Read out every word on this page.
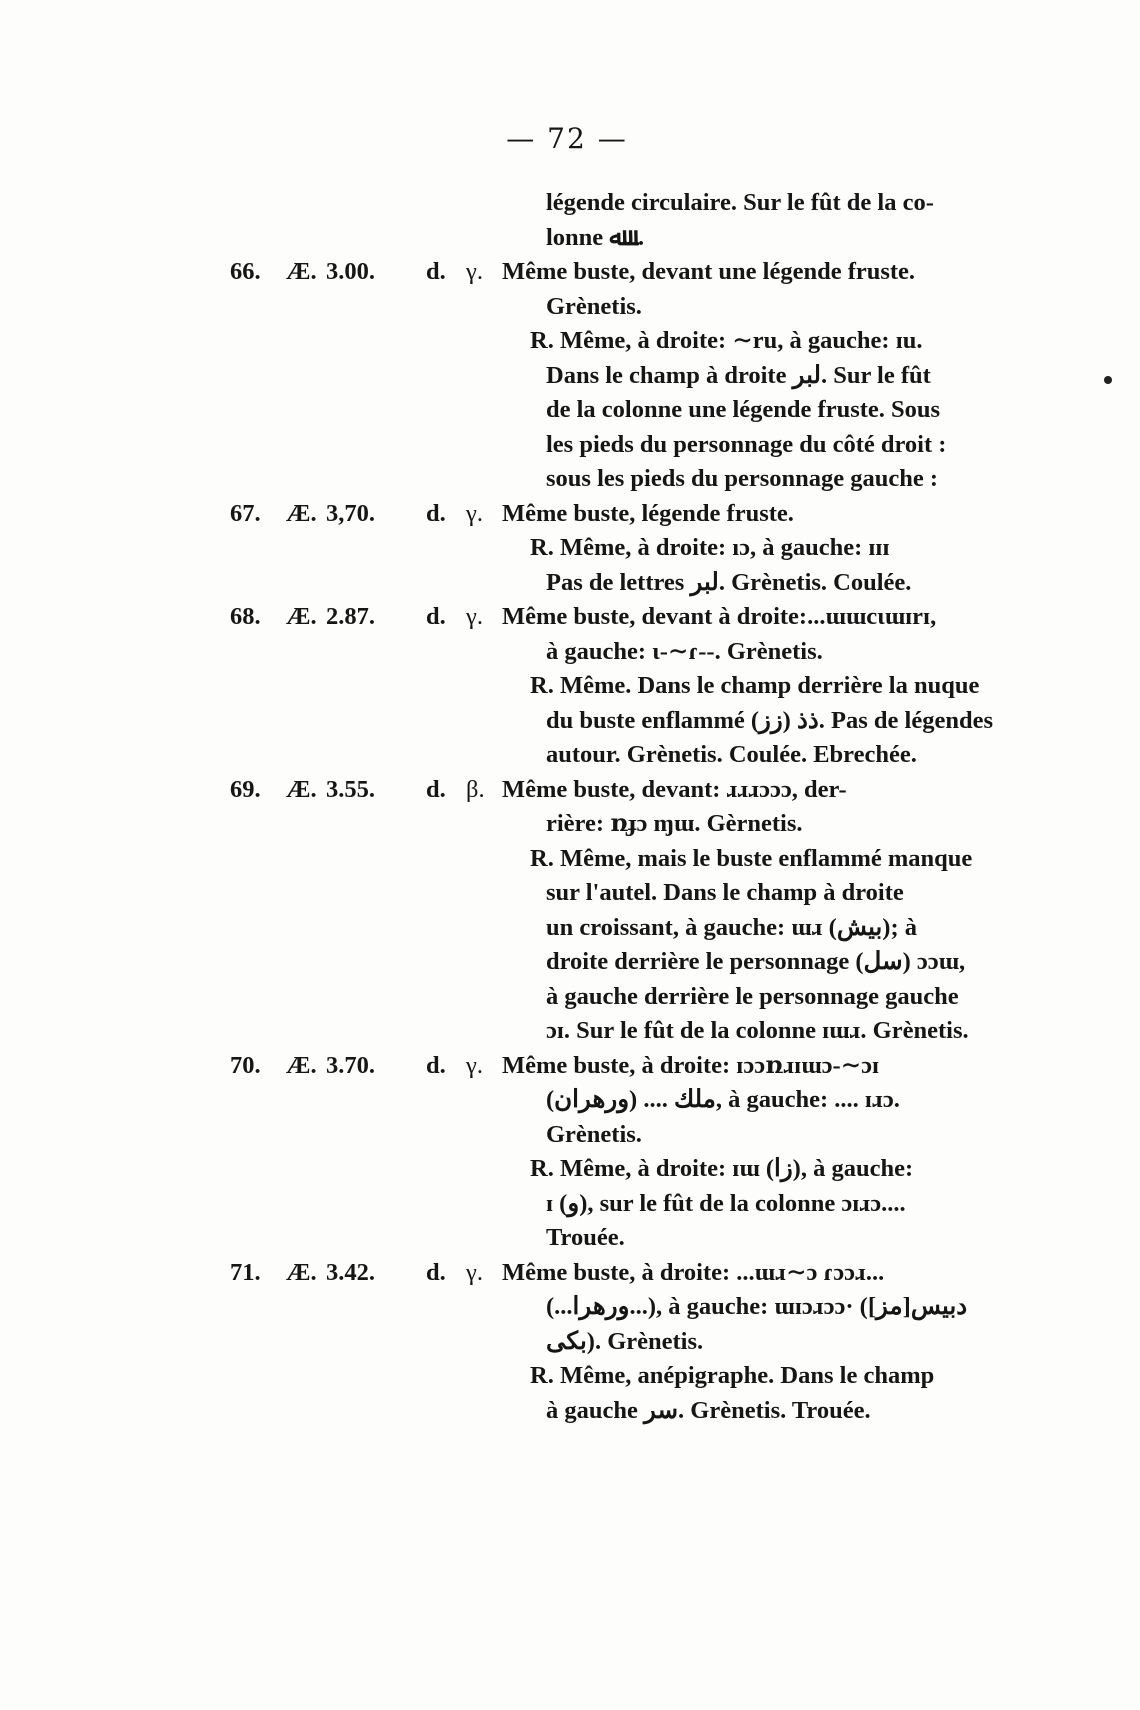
— 72 —
légende circulaire. Sur le fût de la co-
lonne ـﷲ.
66.	Æ. 3.00.	d. γ. Même buste, devant une légende fruste.
Grènetis.
R. Même, à droite: ∼ru, à gauche: ɪu.
Dans le champ à droite لبر. Sur le fût
de la colonne une légende fruste. Sous
les pieds du personnage du côté droit :
sous les pieds du personnage gauche :
67.	Æ. 3,70.	d. γ. Même buste, légende fruste.
R. Même, à droite: ıɔ, à gauche: ɪɪɪ
Pas de lettres لبر. Grènetis. Coulée.
68.	Æ. 2.87.	d. γ. Même buste, devant à droite:...ɯɯcɩɯɪrɪ,
à gauche: ɩ-∼ɾ--. Grènetis.
R. Même. Dans le champ derrière la nuque
du buste enflammé ذذ (زز). Pas de légendes
autour. Grènetis. Coulée. Ebrechée.
69.	Æ. 3.55.	d. β. Même buste, devant: ɹɹɹɔɔɔ, der-
rière: ռɟɔ ɱɯ. Gèrnetis.
R. Même, mais le buste enflammé manque
sur l'autel. Dans le champ à droite
un croissant, à gauche: ɯɹ (بيش); à
droite derrière le personnage (سل) ɔɔɯ,
à gauche derrière le personnage gauche
ɔɪ. Sur le fût de la colonne ɪɯɹ. Grènetis.
70.	Æ. 3.70.	d. γ. Même buste, à droite: ɪɔɔռɹɪɯɔ-∼ɔɪ
ملك .... (ورهران), à gauche: .... ɪɹɔ.
Grènetis.
R. Même, à droite: ɪɯ (زا), à gauche:
ɪ (و), sur le fût de la colonne ɔɪɹɔ....
Trouée.
71.	Æ. 3.42.	d. γ. Même buste, à droite: ...ɯɹ∼ɔ ɾɔɔɹ...
(...ورهرا...), à gauche: ɯɪɔɹɔɔ· ([مز]دبيس
بكى). Grènetis.
R. Même, anépigraphe. Dans le champ
à gauche سر. Grènetis. Trouée.
